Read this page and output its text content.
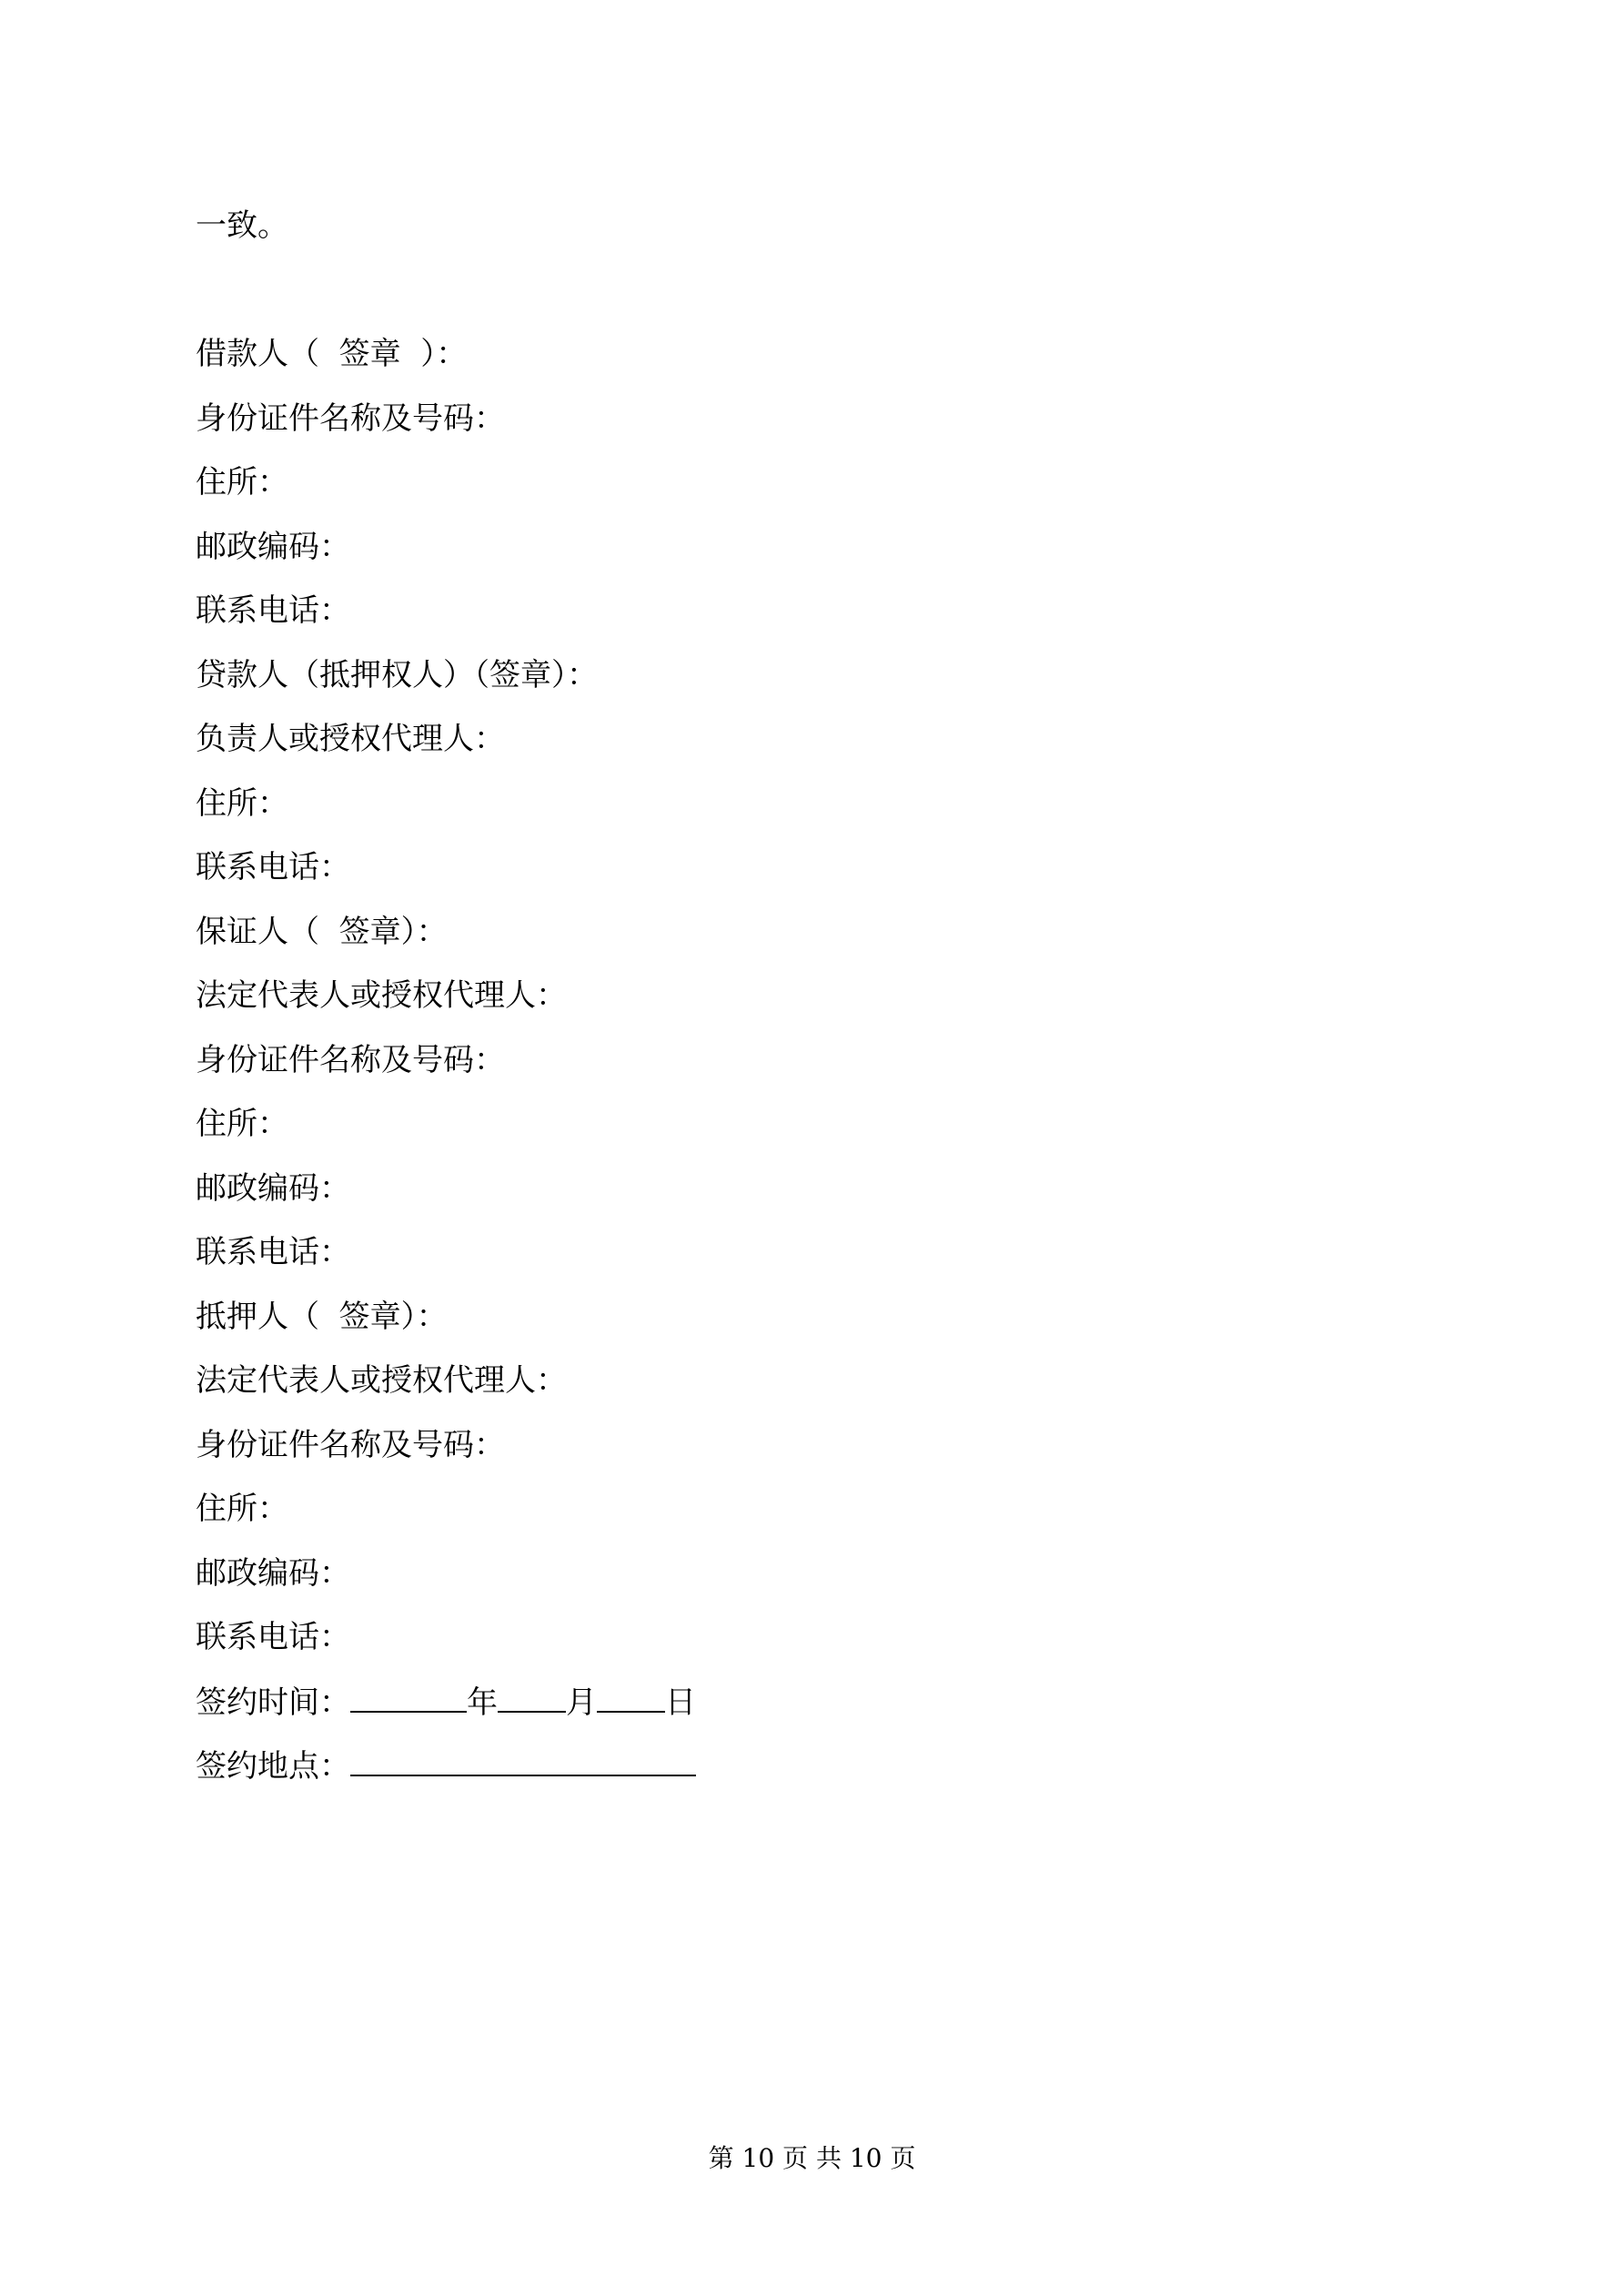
一致。
借款人（  签章  ）：
身份证件名称及号码：
住所：
邮政编码：
联系电话：
贷款人（抵押权人）（签章）：
负责人或授权代理人：
住所：
联系电话：
保证人（  签章）：
法定代表人或授权代理人：
身份证件名称及号码：
住所：
邮政编码：
联系电话：
抵押人（  签章）：
法定代表人或授权代理人：
身份证件名称及号码：
住所：
邮政编码：
联系电话：
签约时间：	年 月 日
签约地点：
第 10 页 共 10 页
